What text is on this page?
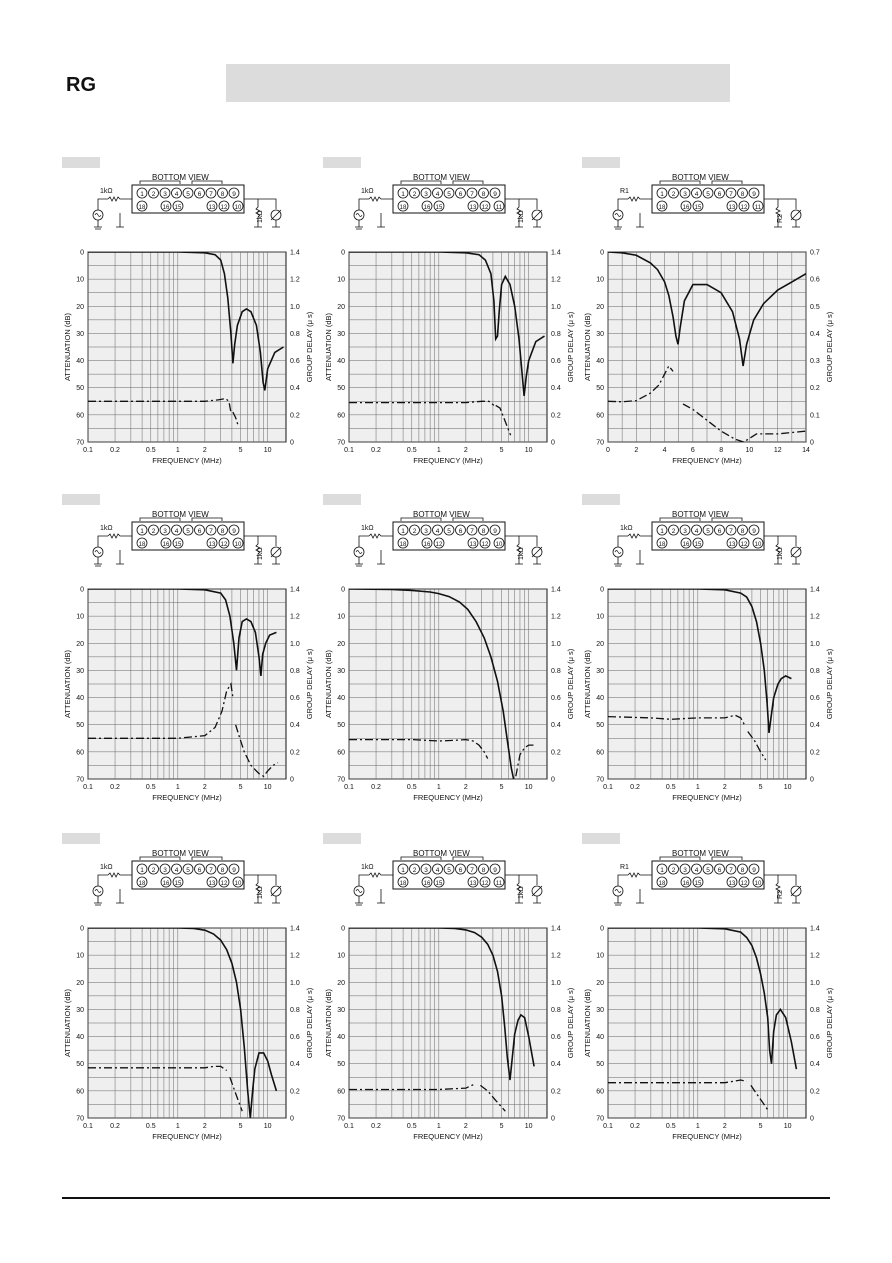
RG
BOTTOM VIEW
1 2 3 4 5 6 7 8 9
18	16 15	13 12 10
1kΩ
1kΩ
0
10
20
30
40
50
60
70
1.4
1.2
1.0
0.8
0.6
0.4
0.2
0
0.1 0.2	0.5	1	2	5	10
FREQUENCY (MHz)
ATTENUATION (dB)	GROUP DELAY (μ s)
BOTTOM VIEW
1 2 3 4 5 6 7 8 9
18	16 15	13 12 11
1kΩ
1kΩ
0
10
20
30
40
50
60
70
1.4
1.2
1.0
0.8
0.6
0.4
0.2
0
0.1 0.2	0.5	1	2	5	10
FREQUENCY (MHz)
ATTENUATION (dB)	GROUP DELAY (μ s)
BOTTOM VIEW
1 2 3 4 5 6 7 8 9
18	16 15	13 12 11
R1
R2
0
10
20
30
40
50
60
70
0.7
0.6
0.5
0.4
0.3
0.2
0.1
0
0	2	4	6	8	10	12	14
FREQUENCY (MHz)
ATTENUATION (dB)	GROUP DELAY (μ s)
BOTTOM VIEW
1 2 3 4 5 6 7 8 9
18	16 15	13 12 10
1kΩ
1kΩ
0
10
20
30
40
50
60
70
1.4
1.2
1.0
0.8
0.6
0.4
0.2
0
0.1 0.2	0.5	1	2	5	10
FREQUENCY (MHz)
ATTENUATION (dB)	GROUP DELAY (μ s)
BOTTOM VIEW
1 2 3 4 5 6 7 8 9
18	16 12	13 12 10
1kΩ
1kΩ
0
10
20
30
40
50
60
70
1.4
1.2
1.0
0.8
0.6
0.4
0.2
0
0.1 0.2	0.5	1	2	5	10
FREQUENCY (MHz)
ATTENUATION (dB)	GROUP DELAY (μ s)
BOTTOM VIEW
1 2 3 4 5 6 7 8 9
18	16 15	13 12 10
1kΩ
1kΩ
0
10
20
30
40
50
60
70
1.4
1.2
1.0
0.8
0.6
0.4
0.2
0
0.1 0.2	0.5	1	2	5	10
FREQUENCY (MHz)
ATTENUATION (dB)	GROUP DELAY (μ s)
BOTTOM VIEW
1 2 3 4 5 6 7 8 9
18	16 15	13 12 10
1kΩ
1kΩ
0
10
20
30
40
50
60
70
1.4
1.2
1.0
0.8
0.6
0.4
0.2
0
0.1 0.2	0.5	1	2	5	10
FREQUENCY (MHz)
ATTENUATION (dB)	GROUP DELAY (μ s)
BOTTOM VIEW
1 2 3 4 5 6 7 8 9
18	16 15	13 12 11
1kΩ
1kΩ
0
10
20
30
40
50
60
70
1.4
1.2
1.0
0.8
0.6
0.4
0.2
0
0.1 0.2	0.5	1	2	5	10
FREQUENCY (MHz)
ATTENUATION (dB)	GROUP DELAY (μ s)
BOTTOM VIEW
1 2 3 4 5 6 7 8 9
18	16 15	13 12 10
R1
R2
0
10
20
30
40
50
60
70
1.4
1.2
1.0
0.8
0.6
0.4
0.2
0
0.1 0.2	0.5	1	2	5	10
FREQUENCY (MHz)
ATTENUATION (dB)	GROUP DELAY (μ s)
